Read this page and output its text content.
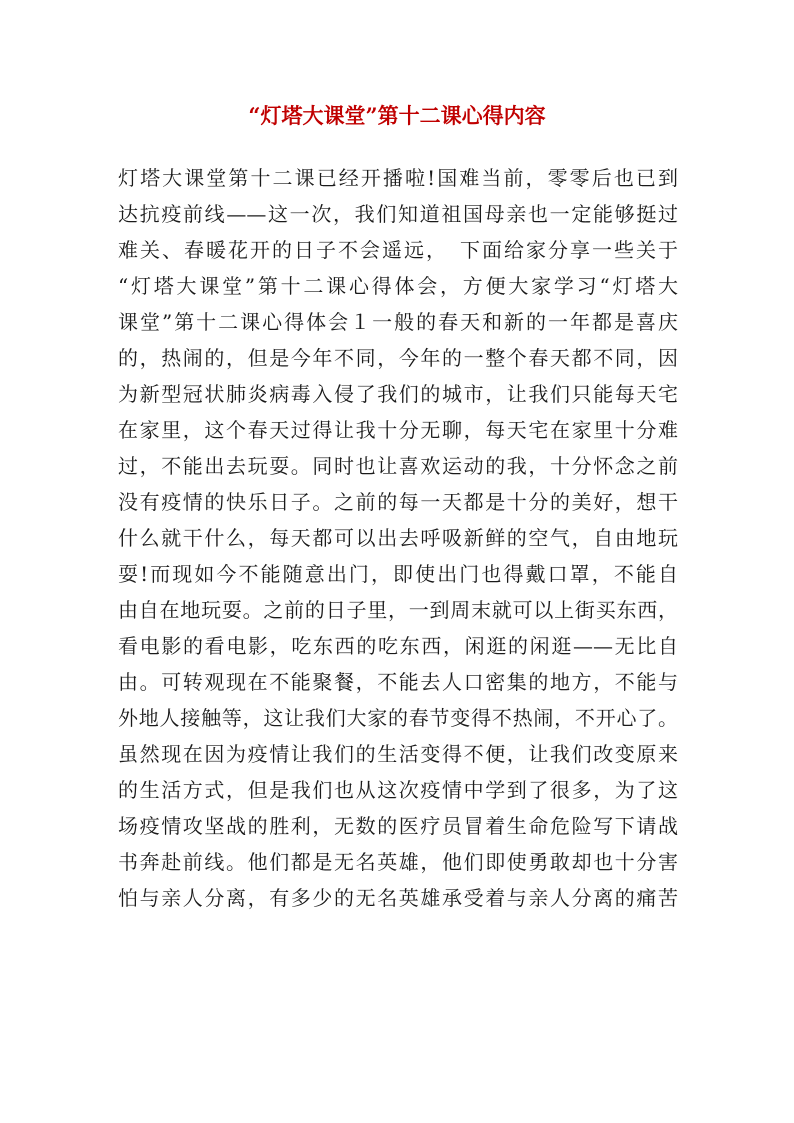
“灯塔大课堂”第十二课心得内容
灯塔大课堂第十二课已经开播啦!国难当前，零零后也已到
达抗疫前线——这一次，我们知道祖国母亲也一定能够挺过
难关、春暖花开的日子不会遥远，　下面给家分享一些关于
“灯塔大课堂”第十二课心得体会，方便大家学习“灯塔大
课堂”第十二课心得体会１一般的春天和新的一年都是喜庆
的，热闹的，但是今年不同，今年的一整个春天都不同，因
为新型冠状肺炎病毒入侵了我们的城市，让我们只能每天宅
在家里，这个春天过得让我十分无聊，每天宅在家里十分难
过，不能出去玩耍。同时也让喜欢运动的我，十分怀念之前
没有疫情的快乐日子。之前的每一天都是十分的美好，想干
什么就干什么，每天都可以出去呼吸新鲜的空气，自由地玩
耍!而现如今不能随意出门，即使出门也得戴口罩，不能自
由自在地玩耍。之前的日子里，一到周末就可以上街买东西，
看电影的看电影，吃东西的吃东西，闲逛的闲逛——无比自
由。可转观现在不能聚餐，不能去人口密集的地方，不能与
外地人接触等，这让我们大家的春节变得不热闹，不开心了。
虽然现在因为疫情让我们的生活变得不便，让我们改变原来
的生活方式，但是我们也从这次疫情中学到了很多，为了这
场疫情攻坚战的胜利，无数的医疗员冒着生命危险写下请战
书奔赴前线。他们都是无名英雄，他们即使勇敢却也十分害
怕与亲人分离，有多少的无名英雄承受着与亲人分离的痛苦
